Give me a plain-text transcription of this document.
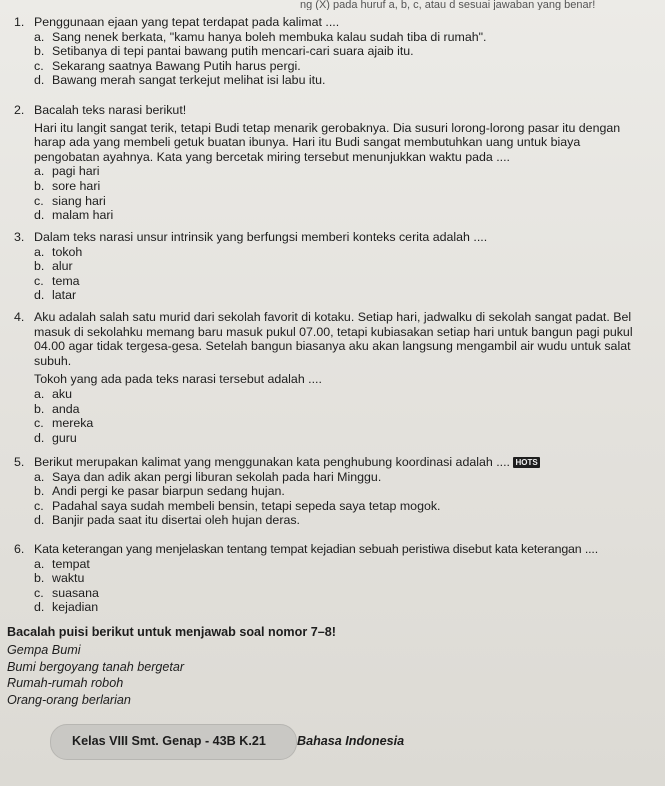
ng (X) pada huruf a, b, c, atau d sesuai jawaban yang benar!
1. Penggunaan ejaan yang tepat terdapat pada kalimat ....
a. Sang nenek berkata, "kamu hanya boleh membuka kalau sudah tiba di rumah".
b. Setibanya di tepi pantai bawang putih mencari-cari suara ajaib itu.
c. Sekarang saatnya Bawang Putih harus pergi.
d. Bawang merah sangat terkejut melihat isi labu itu.
2. Bacalah teks narasi berikut!
Hari itu langit sangat terik, tetapi Budi tetap menarik gerobaknya. Dia susuri lorong-lorong pasar itu dengan harap ada yang membeli getuk buatan ibunya. Hari itu Budi sangat membutuhkan uang untuk biaya pengobatan ayahnya. Kata yang bercetak miring tersebut menunjukkan waktu pada ....
a. pagi hari
b. sore hari
c. siang hari
d. malam hari
3. Dalam teks narasi unsur intrinsik yang berfungsi memberi konteks cerita adalah ....
a. tokoh
b. alur
c. tema
d. latar
4. Aku adalah salah satu murid dari sekolah favorit di kotaku. Setiap hari, jadwalku di sekolah sangat padat. Bel masuk di sekolahku memang baru masuk pukul 07.00, tetapi kubiasakan setiap hari untuk bangun pagi pukul 04.00 agar tidak tergesa-gesa. Setelah bangun biasanya aku akan langsung mengambil air wudu untuk salat subuh.
Tokoh yang ada pada teks narasi tersebut adalah ....
a. aku
b. anda
c. mereka
d. guru
5. Berikut merupakan kalimat yang menggunakan kata penghubung koordinasi adalah .... HOTS
a. Saya dan adik akan pergi liburan sekolah pada hari Minggu.
b. Andi pergi ke pasar biarpun sedang hujan.
c. Padahal saya sudah membeli bensin, tetapi sepeda saya tetap mogok.
d. Banjir pada saat itu disertai oleh hujan deras.
6. Kata keterangan yang menjelaskan tentang tempat kejadian sebuah peristiwa disebut kata keterangan ....
a. tempat
b. waktu
c. suasana
d. kejadian
Bacalah puisi berikut untuk menjawab soal nomor 7–8!
Gempa Bumi
Bumi bergoyang tanah bergetar
Rumah-rumah roboh
Orang-orang berlarian
Kelas VIII Smt. Genap - 43B K.21 Bahasa Indonesia
